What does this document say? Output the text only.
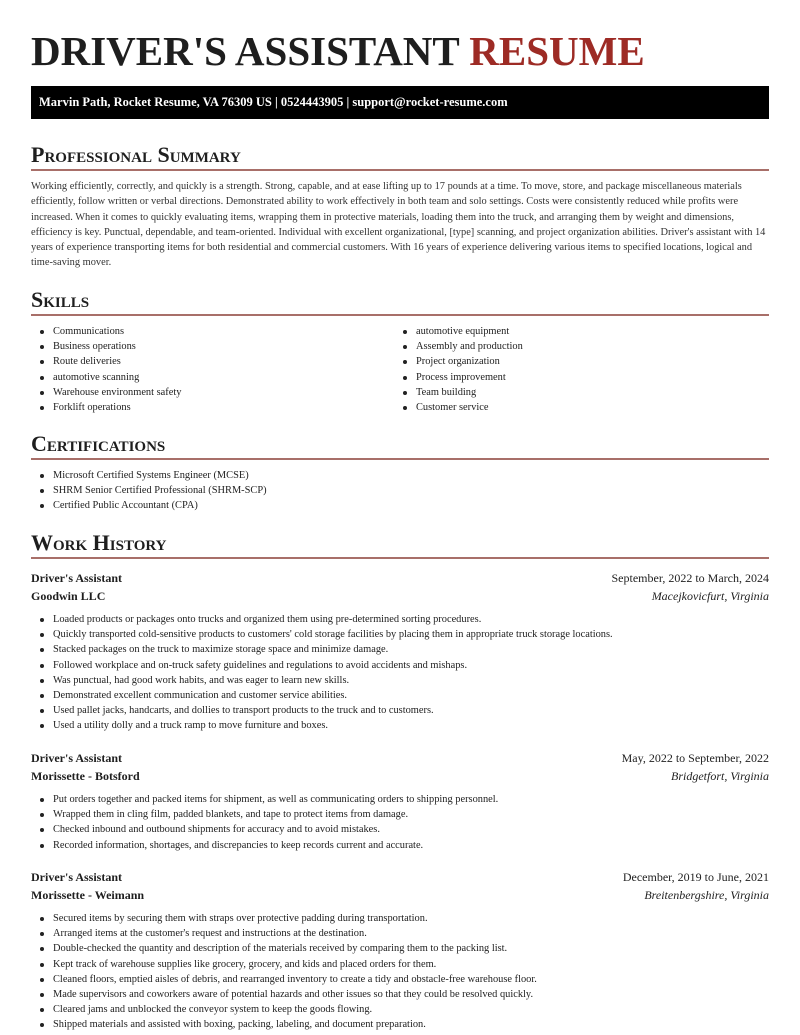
DRIVER'S ASSISTANT RESUME
Marvin Path, Rocket Resume, VA 76309 US | 0524443905 | support@rocket-resume.com
Professional Summary

Working efficiently, correctly, and quickly is a strength. Strong, capable, and at ease lifting up to 17 pounds at a time. To move, store, and package miscellaneous materials efficiently, follow written or verbal directions. Demonstrated ability to work effectively in both team and solo settings. Costs were consistently reduced while profits were increased. When it comes to quickly evaluating items, wrapping them in protective materials, loading them into the truck, and arranging them by weight and dimensions, efficiency is key. Punctual, dependable, and team-oriented. Individual with excellent organizational, [type] scanning, and project organization abilities. Driver's assistant with 14 years of experience transporting items for both residential and commercial customers. With 16 years of experience delivering various items to specified locations, logical and time-saving mover.

Skills
Communications
Business operations
Route deliveries
automotive scanning
Warehouse environment safety
Forklift operations
automotive equipment
Assembly and production
Project organization
Process improvement
Team building
Customer service
Certifications
Microsoft Certified Systems Engineer (MCSE)
SHRM Senior Certified Professional (SHRM-SCP)
Certified Public Accountant (CPA)
Work History
Driver's Assistant	September, 2022 to March, 2024
Goodwin LLC	Macejkovicfurt, Virginia
Loaded products or packages onto trucks and organized them using pre-determined sorting procedures.
Quickly transported cold-sensitive products to customers' cold storage facilities by placing them in appropriate truck storage locations.
Stacked packages on the truck to maximize storage space and minimize damage.
Followed workplace and on-truck safety guidelines and regulations to avoid accidents and mishaps.
Was punctual, had good work habits, and was eager to learn new skills.
Demonstrated excellent communication and customer service abilities.
Used pallet jacks, handcarts, and dollies to transport products to the truck and to customers.
Used a utility dolly and a truck ramp to move furniture and boxes.
Driver's Assistant	May, 2022 to September, 2022
Morissette - Botsford	Bridgetfort, Virginia
Put orders together and packed items for shipment, as well as communicating orders to shipping personnel.
Wrapped them in cling film, padded blankets, and tape to protect items from damage.
Checked inbound and outbound shipments for accuracy and to avoid mistakes.
Recorded information, shortages, and discrepancies to keep records current and accurate.
Driver's Assistant	December, 2019 to June, 2021
Morissette - Weimann	Breitenbergshire, Virginia
Secured items by securing them with straps over protective padding during transportation.
Arranged items at the customer's request and instructions at the destination.
Double-checked the quantity and description of the materials received by comparing them to the packing list.
Kept track of warehouse supplies like grocery, grocery, and kids and placed orders for them.
Cleaned floors, emptied aisles of debris, and rearranged inventory to create a tidy and obstacle-free warehouse floor.
Made supervisors and coworkers aware of potential hazards and other issues so that they could be resolved quickly.
Cleared jams and unblocked the conveyor system to keep the goods flowing.
Shipped materials and assisted with boxing, packing, labeling, and document preparation.
